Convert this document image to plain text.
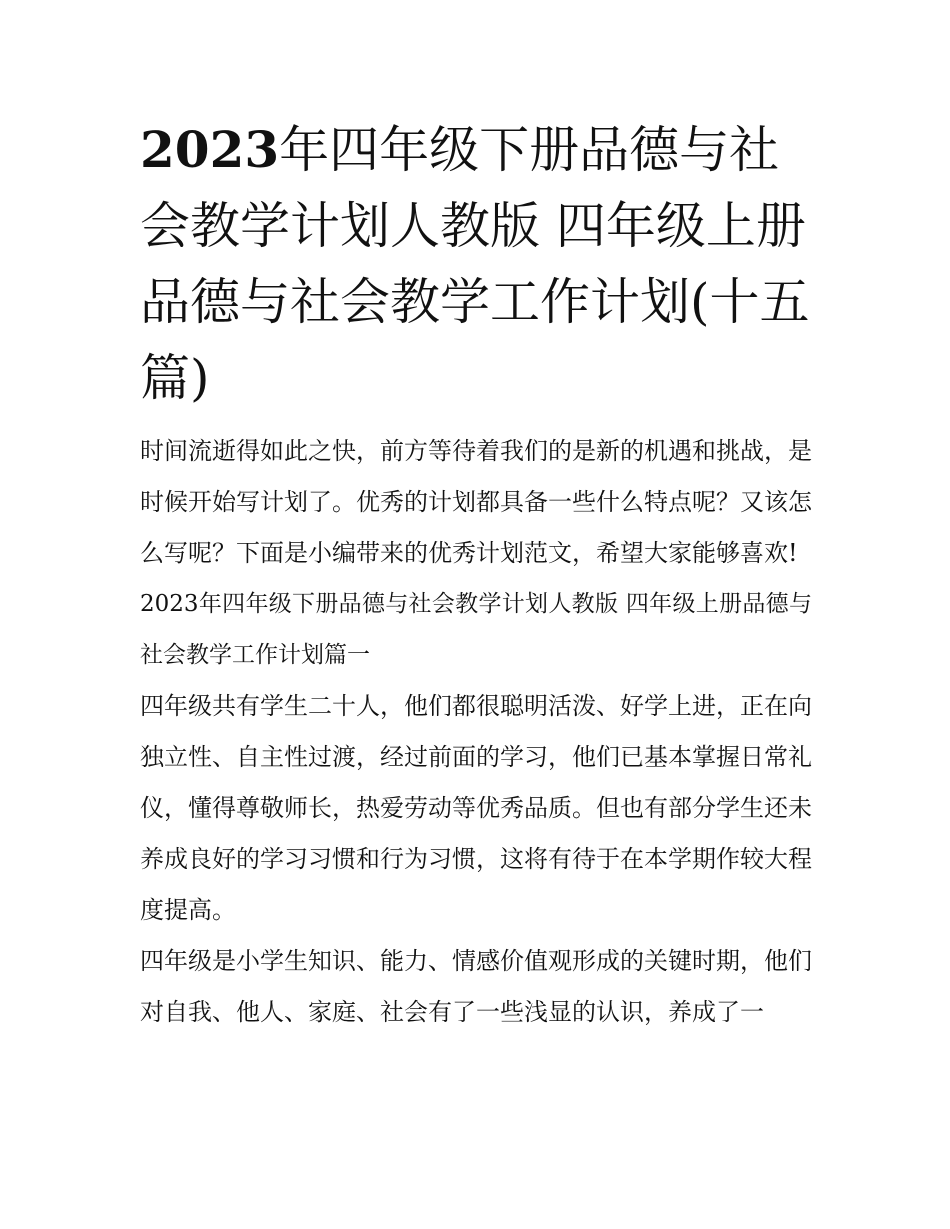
2023年四年级下册品德与社会教学计划人教版 四年级上册品德与社会教学工作计划(十五篇)

时间流逝得如此之快，前方等待着我们的是新的机遇和挑战，是时候开始写计划了。优秀的计划都具备一些什么特点呢？又该怎么写呢？下面是小编带来的优秀计划范文，希望大家能够喜欢!

2023年四年级下册品德与社会教学计划人教版 四年级上册品德与社会教学工作计划篇一

四年级共有学生二十人，他们都很聪明活泼、好学上进，正在向独立性、自主性过渡，经过前面的学习，他们已基本掌握日常礼仪，懂得尊敬师长，热爱劳动等优秀品质。但也有部分学生还未养成良好的学习习惯和行为习惯，这将有待于在本学期作较大程度提高。

四年级是小学生知识、能力、情感价值观形成的关键时期，他们对自我、他人、家庭、社会有了一些浅显的认识，养成了一
